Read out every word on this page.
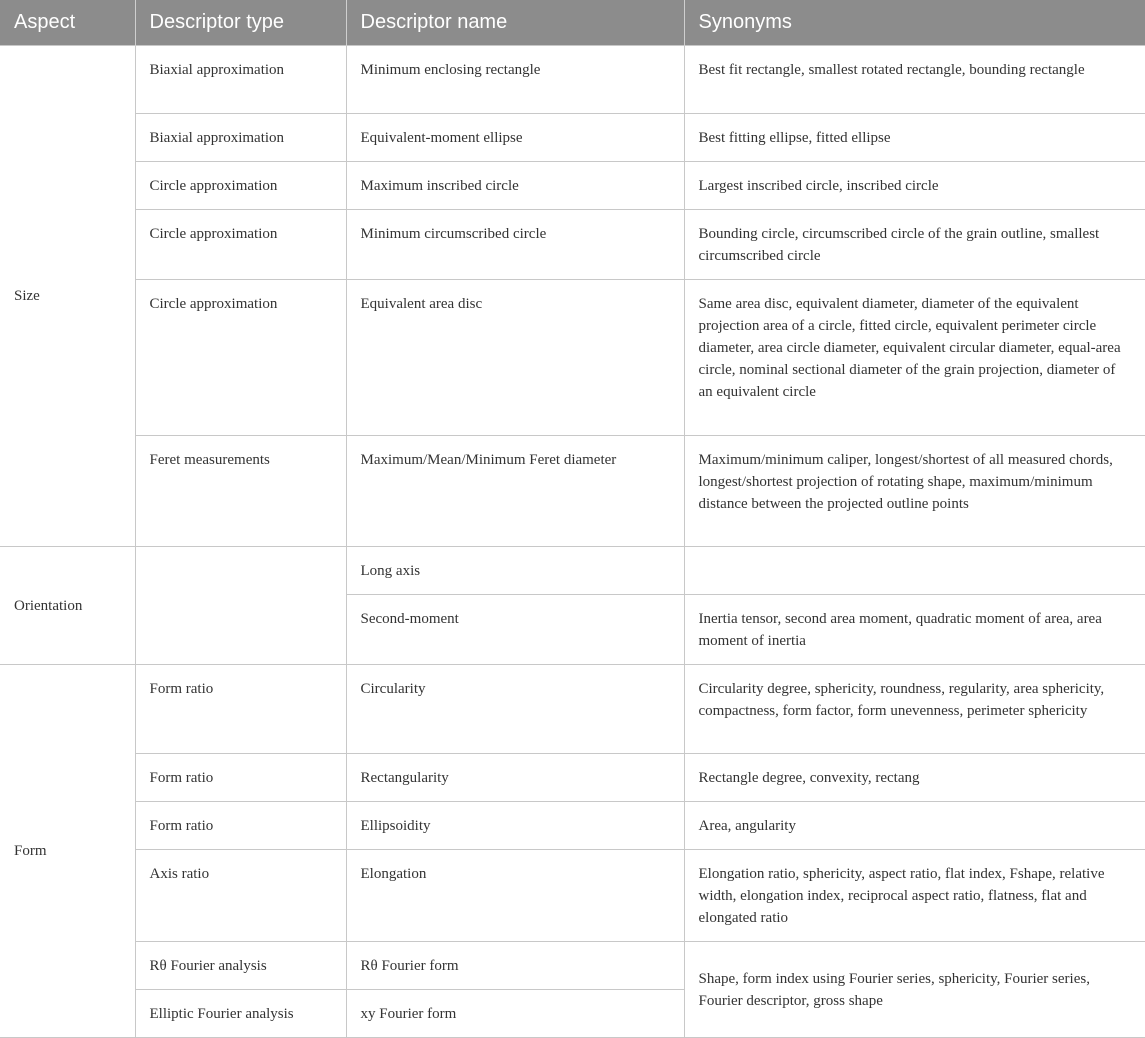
Aspect	Descriptor type	Descriptor name	Synonyms
Size	Biaxial approximation	Minimum enclosing rectangle	Best fit rectangle, smallest rotated rectangle, bounding rectangle
	Biaxial approximation	Equivalent-moment ellipse	Best fitting ellipse, fitted ellipse
	Circle approximation	Maximum inscribed circle	Largest inscribed circle, inscribed circle
	Circle approximation	Minimum circumscribed circle	Bounding circle, circumscribed circle of the grain outline, smallest circumscribed circle
	Circle approximation	Equivalent area disc	Same area disc, equivalent diameter, diameter of the equivalent projection area of a circle, fitted circle, equivalent perimeter circle diameter, area circle diameter, equivalent circular diameter, equal-area circle, nominal sectional diameter of the grain projection, diameter of an equivalent circle
	Feret measurements	Maximum/Mean/Minimum Feret diameter	Maximum/minimum caliper, longest/shortest of all measured chords, longest/shortest projection of rotating shape, maximum/minimum distance between the projected outline points
Orientation		Long axis	
		Second-moment	Inertia tensor, second area moment, quadratic moment of area, area moment of inertia
Form	Form ratio	Circularity	Circularity degree, sphericity, roundness, regularity, area sphericity, compactness, form factor, form unevenness, perimeter sphericity
	Form ratio	Rectangularity	Rectangle degree, convexity, rectang
	Form ratio	Ellipsoidity	Area, angularity
	Axis ratio	Elongation	Elongation ratio, sphericity, aspect ratio, flat index, Fshape, relative width, elongation index, reciprocal aspect ratio, flatness, flat and elongated ratio
	Rθ Fourier analysis	Rθ Fourier form	Shape, form index using Fourier series, sphericity, Fourier series, Fourier descriptor, gross shape
	Elliptic Fourier analysis	xy Fourier form	
